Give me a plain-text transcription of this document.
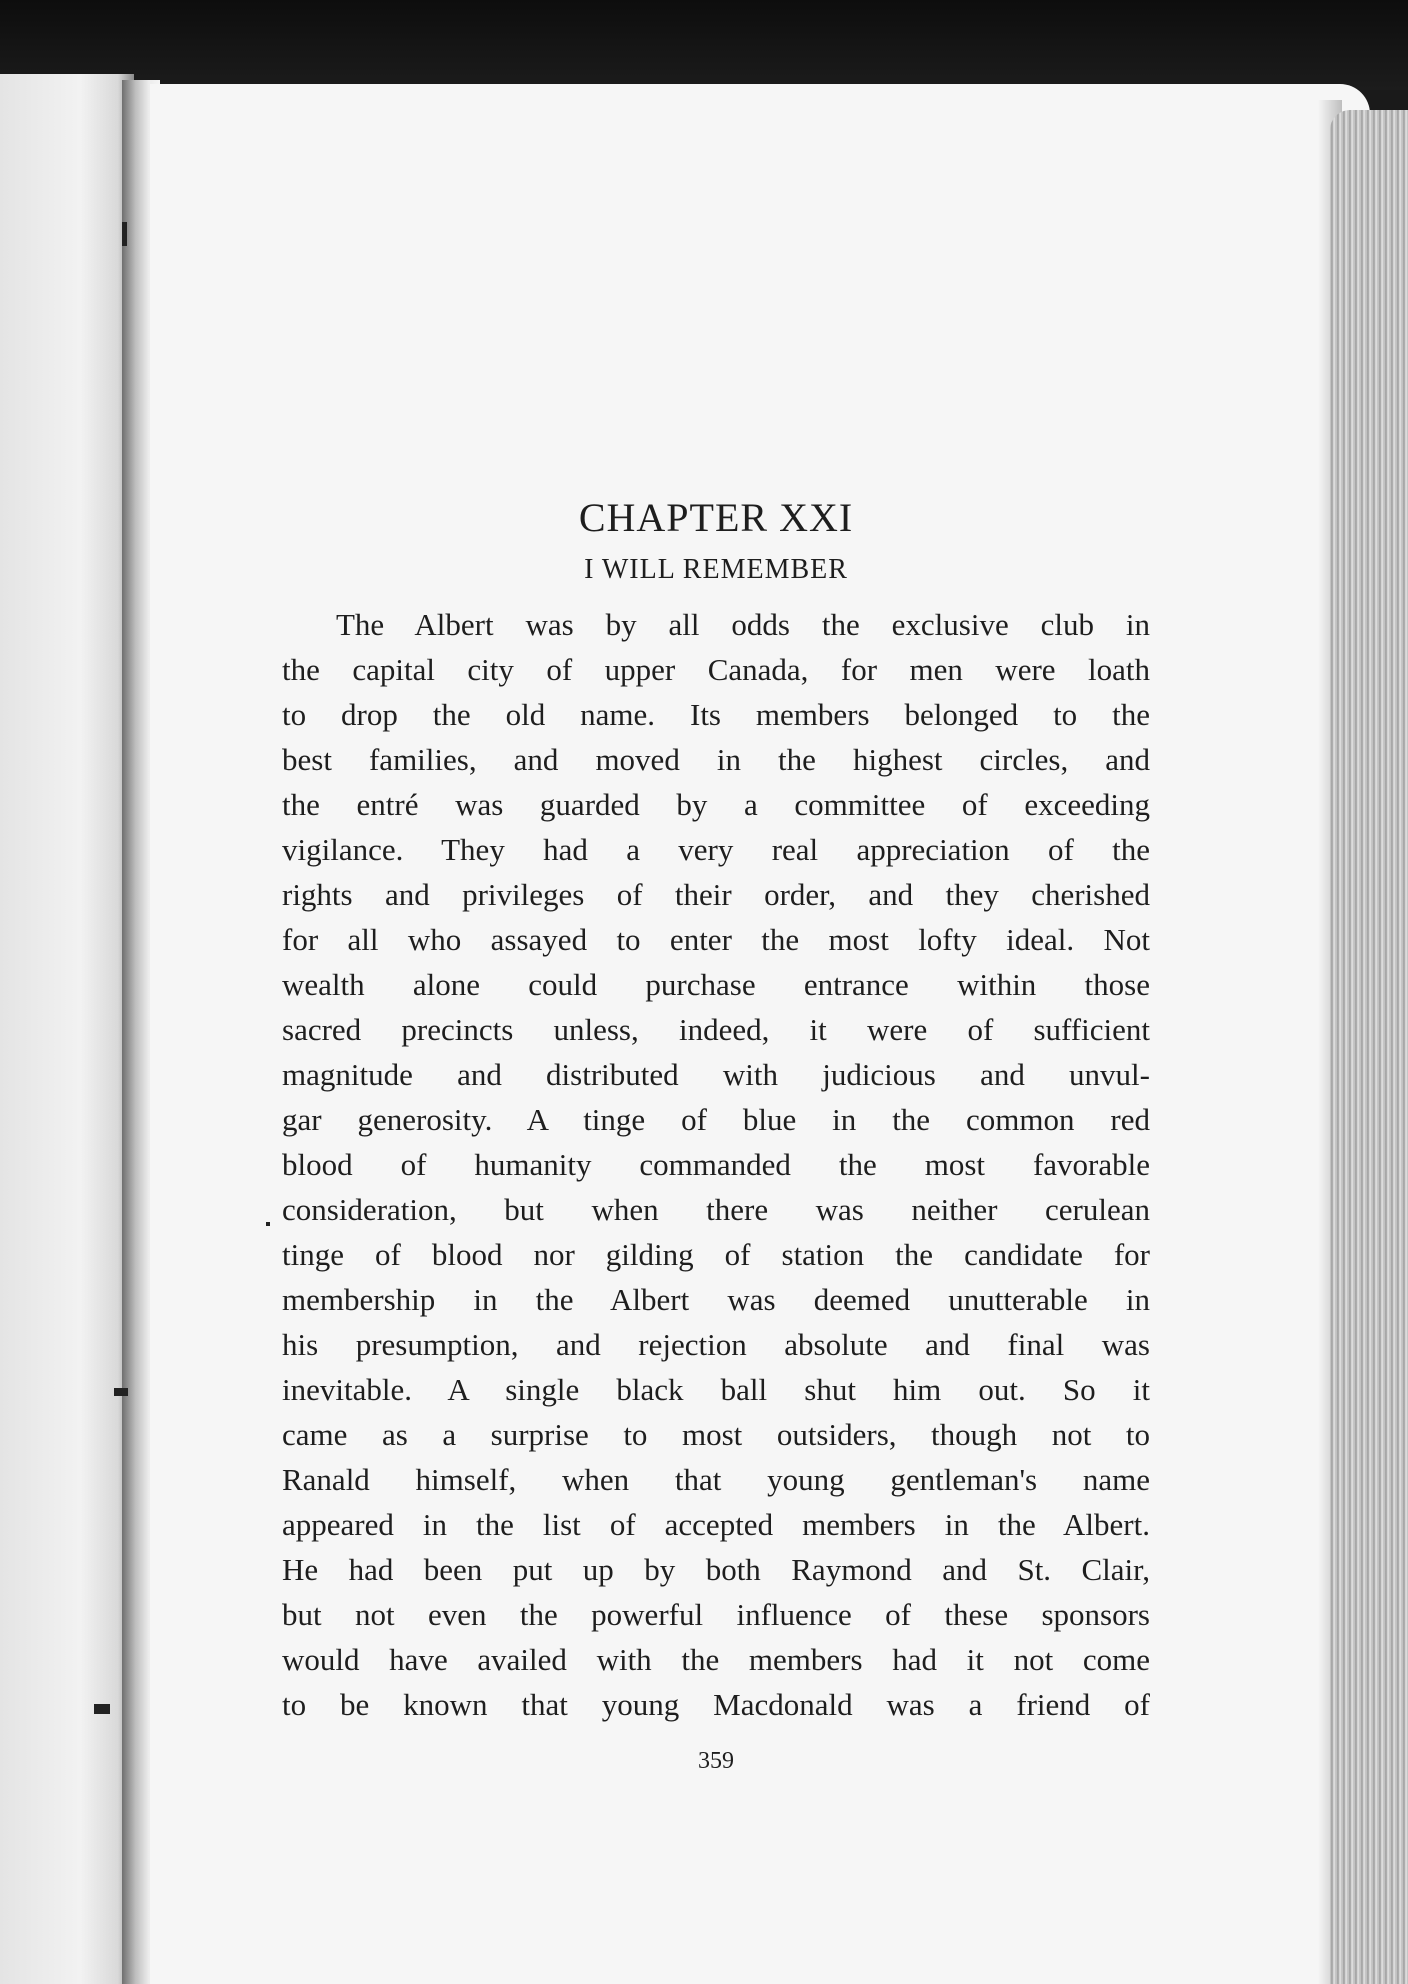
CHAPTER XXI
I WILL REMEMBER
The Albert was by all odds the exclusive club in
the capital city of upper Canada, for men were loath
to drop the old name. Its members belonged to the
best families, and moved in the highest circles, and
the entré was guarded by a committee of exceeding
vigilance. They had a very real appreciation of the
rights and privileges of their order, and they cherished
for all who assayed to enter the most lofty ideal. Not
wealth alone could purchase entrance within those
sacred precincts unless, indeed, it were of sufficient
magnitude and distributed with judicious and unvul-
gar generosity. A tinge of blue in the common red
blood of humanity commanded the most favorable
consideration, but when there was neither cerulean
tinge of blood nor gilding of station the candidate for
membership in the Albert was deemed unutterable in
his presumption, and rejection absolute and final was
inevitable. A single black ball shut him out. So it
came as a surprise to most outsiders, though not to
Ranald himself, when that young gentleman's name
appeared in the list of accepted members in the Albert.
He had been put up by both Raymond and St. Clair,
but not even the powerful influence of these sponsors
would have availed with the members had it not come
to be known that young Macdonald was a friend of
359
